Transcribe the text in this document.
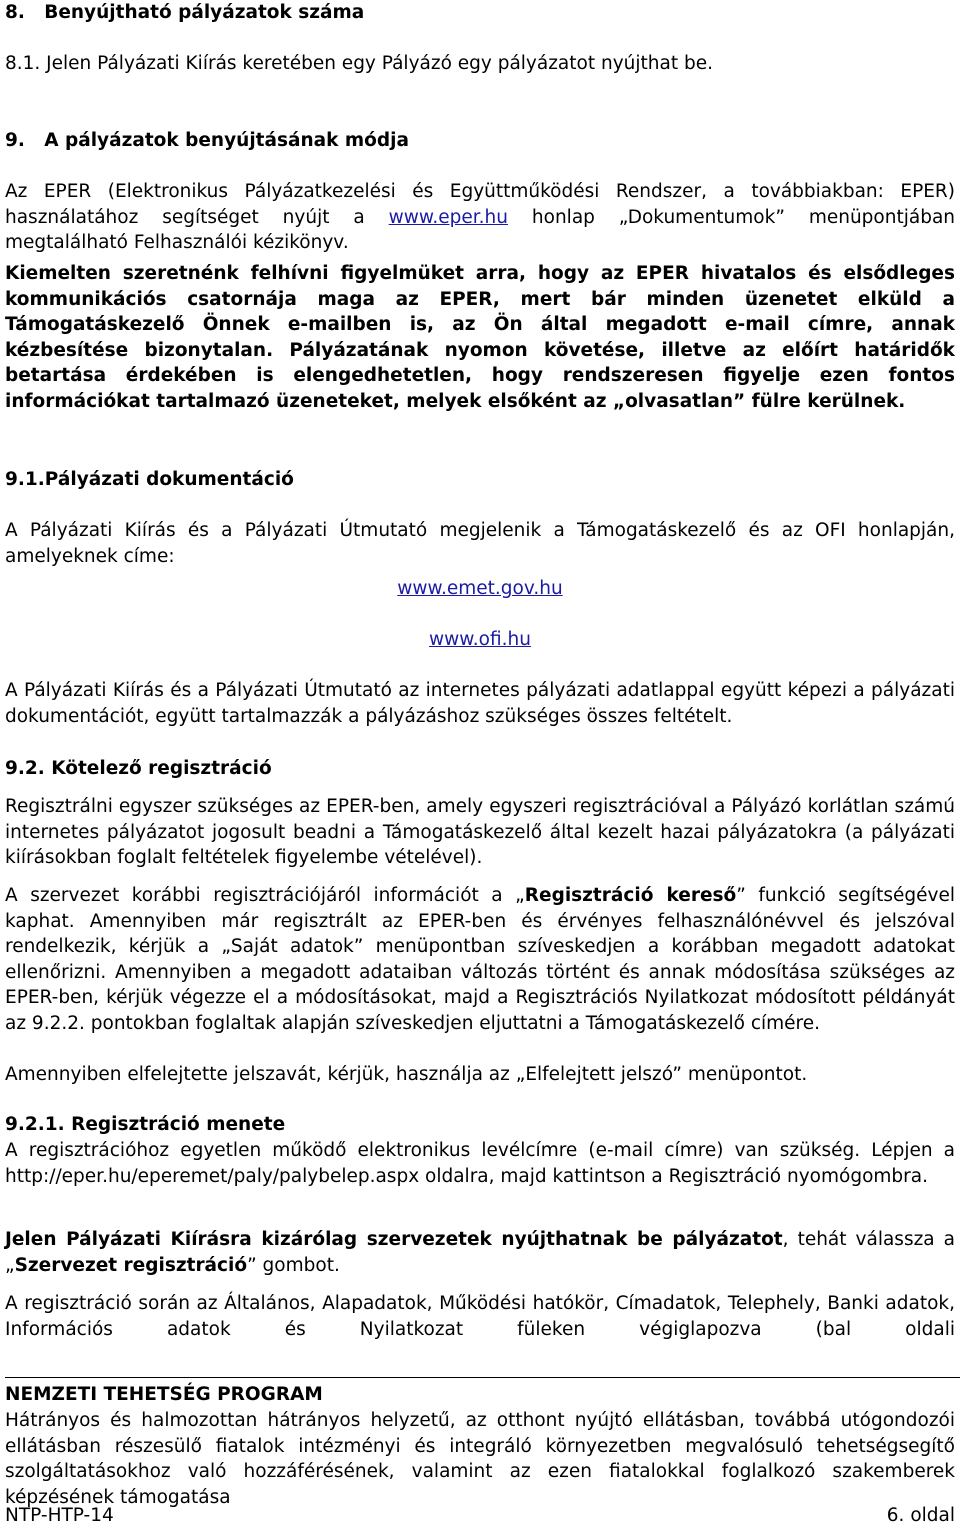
8.   Benyújtható pályázatok száma

8.1. Jelen Pályázati Kiírás keretében egy Pályázó egy pályázatot nyújthat be.

9.   A pályázatok benyújtásának módja

Az EPER (Elektronikus Pályázatkezelési és Együttműködési Rendszer, a továbbiakban: EPER) használatához segítséget nyújt a www.eper.hu honlap „Dokumentumok” menüpontjában megtalálható Felhasználói kézikönyv.

Kiemelten szeretnénk felhívni figyelmüket arra, hogy az EPER hivatalos és elsődleges kommunikációs csatornája maga az EPER, mert bár minden üzenetet elküld a Támogatáskezelő Önnek e-mailben is, az Ön által megadott e-mail címre, annak kézbesítése bizonytalan. Pályázatának nyomon követése, illetve az előírt határidők betartása érdekében is elengedhetetlen, hogy rendszeresen figyelje ezen fontos információkat tartalmazó üzeneteket, melyek elsőként az „olvasatlan” fülre kerülnek.

9.1.Pályázati dokumentáció

A Pályázati Kiírás és a Pályázati Útmutató megjelenik a Támogatáskezelő és az OFI honlapján, amelyeknek címe:

www.emet.gov.hu
www.ofi.hu

A Pályázati Kiírás és a Pályázati Útmutató az internetes pályázati adatlappal együtt képezi a pályázati dokumentációt, együtt tartalmazzák a pályázáshoz szükséges összes feltételt.

9.2. Kötelező regisztráció

Regisztrálni egyszer szükséges az EPER-ben, amely egyszeri regisztrációval a Pályázó korlátlan számú internetes pályázatot jogosult beadni a Támogatáskezelő által kezelt hazai pályázatokra (a pályázati kiírásokban foglalt feltételek figyelembe vételével).

A szervezet korábbi regisztrációjáról információt a „Regisztráció kereső” funkció segítségével kaphat. Amennyiben már regisztrált az EPER-ben és érvényes felhasználónévvel és jelszóval rendelkezik, kérjük a „Saját adatok” menüpontban szíveskedjen a korábban megadott adatokat ellenőrizni. Amennyiben a megadott adataiban változás történt és annak módosítása szükséges az EPER-ben, kérjük végezze el a módosításokat, majd a Regisztrációs Nyilatkozat módosított példányát az 9.2.2. pontokban foglaltak alapján szíveskedjen eljuttatni a Támogatáskezelő címére.

Amennyiben elfelejtette jelszavát, kérjük, használja az „Elfelejtett jelszó” menüpontot.

9.2.1. Regisztráció menete

A regisztrációhoz egyetlen működő elektronikus levélcímre (e-mail címre) van szükség. Lépjen a http://eper.hu/eperemet/paly/palybelep.aspx oldalra, majd kattintson a Regisztráció nyomógombra.

Jelen Pályázati Kiírásra kizárólag szervezetek nyújthatnak be pályázatot, tehát válassza a „Szervezet regisztráció” gombot.

A regisztráció során az Általános, Alapadatok, Működési hatókör, Címadatok, Telephely, Banki adatok, Információs adatok és Nyilatkozat füleken végiglapozva (bal oldali

NEMZETI TEHETSÉG PROGRAM

Hátrányos és halmozottan hátrányos helyzetű, az otthont nyújtó ellátásban, továbbá utógondozói ellátásban részesülő fiatalok intézményi és integráló környezetben megvalósuló tehetségsegítő szolgáltatásokhoz való hozzáférésének, valamint az ezen fiatalokkal foglalkozó szakemberek képzésének támogatása

NTP-HTP-14	6. oldal
